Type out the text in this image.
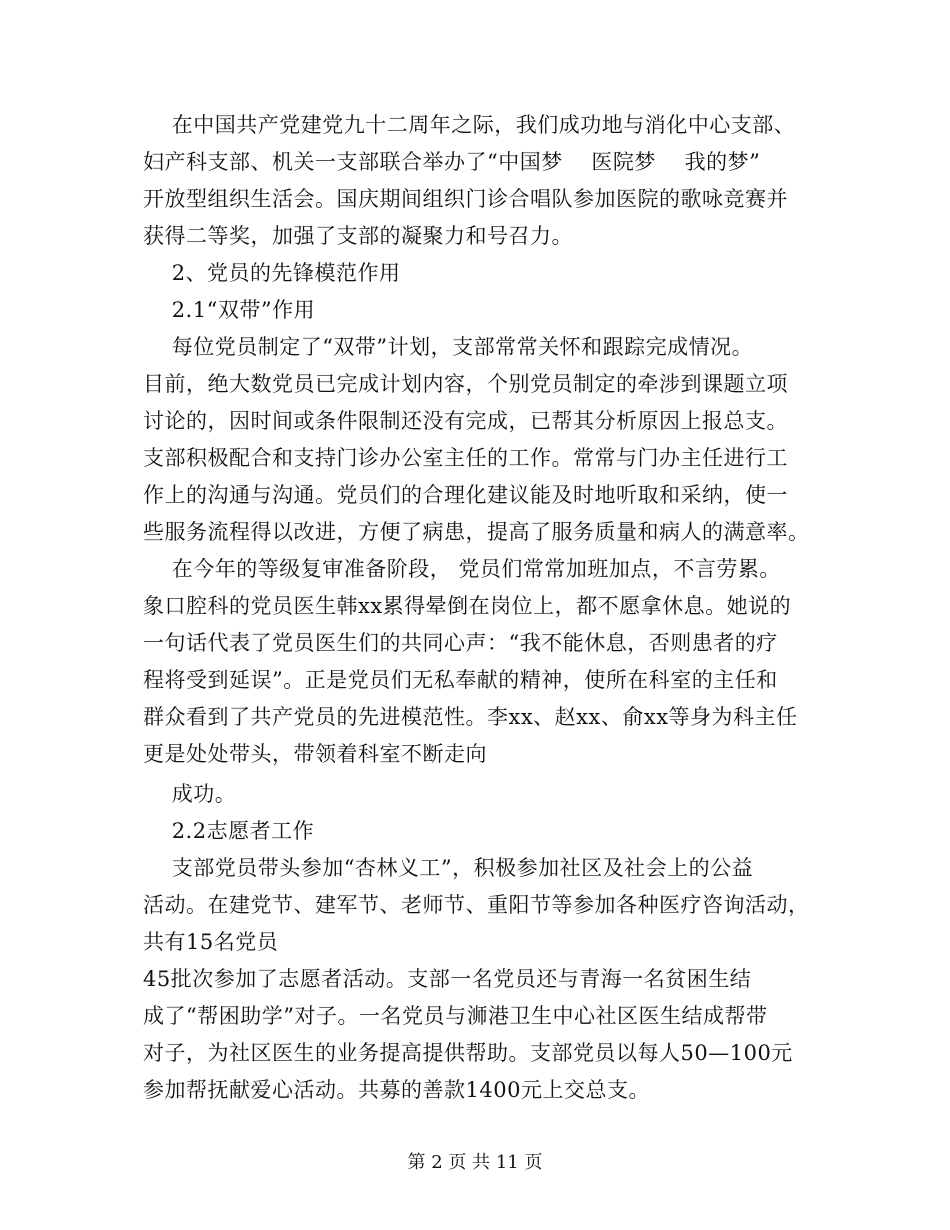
在中国共产党建党九十二周年之际，我们成功地与消化中心支部、
妇产科支部、机关一支部联合举办了“中国梦　 医院梦　 我的梦”
开放型组织生活会。国庆期间组织门诊合唱队参加医院的歌咏竞赛并
获得二等奖，加强了支部的凝聚力和号召力。
2、党员的先锋模范作用
2.1“双带”作用
每位党员制定了“双带”计划，支部常常关怀和跟踪完成情况。
目前，绝大数党员已完成计划内容，个别党员制定的牵涉到课题立项
讨论的，因时间或条件限制还没有完成，已帮其分析原因上报总支。
支部积极配合和支持门诊办公室主任的工作。常常与门办主任进行工
作上的沟通与沟通。党员们的合理化建议能及时地听取和采纳，使一
些服务流程得以改进，方便了病患，提高了服务质量和病人的满意率。
在今年的等级复审准备阶段， 党员们常常加班加点，不言劳累。
象口腔科的党员医生韩xx累得晕倒在岗位上，都不愿拿休息。她说的
一句话代表了党员医生们的共同心声：“我不能休息，否则患者的疗
程将受到延误”。正是党员们无私奉献的精神，使所在科室的主任和
群众看到了共产党员的先进模范性。李xx、赵xx、俞xx等身为科主任
更是处处带头，带领着科室不断走向
成功。
2.2志愿者工作
支部党员带头参加“杏林义工”，积极参加社区及社会上的公益
活动。在建党节、建军节、老师节、重阳节等参加各种医疗咨询活动，
共有15名党员
45批次参加了志愿者活动。支部一名党员还与青海一名贫困生结
成了“帮困助学”对子。一名党员与浉港卫生中心社区医生结成帮带
对子，为社区医生的业务提高提供帮助。支部党员以每人50—100元
参加帮抚献爱心活动。共募的善款1400元上交总支。
第 2 页 共 11 页
